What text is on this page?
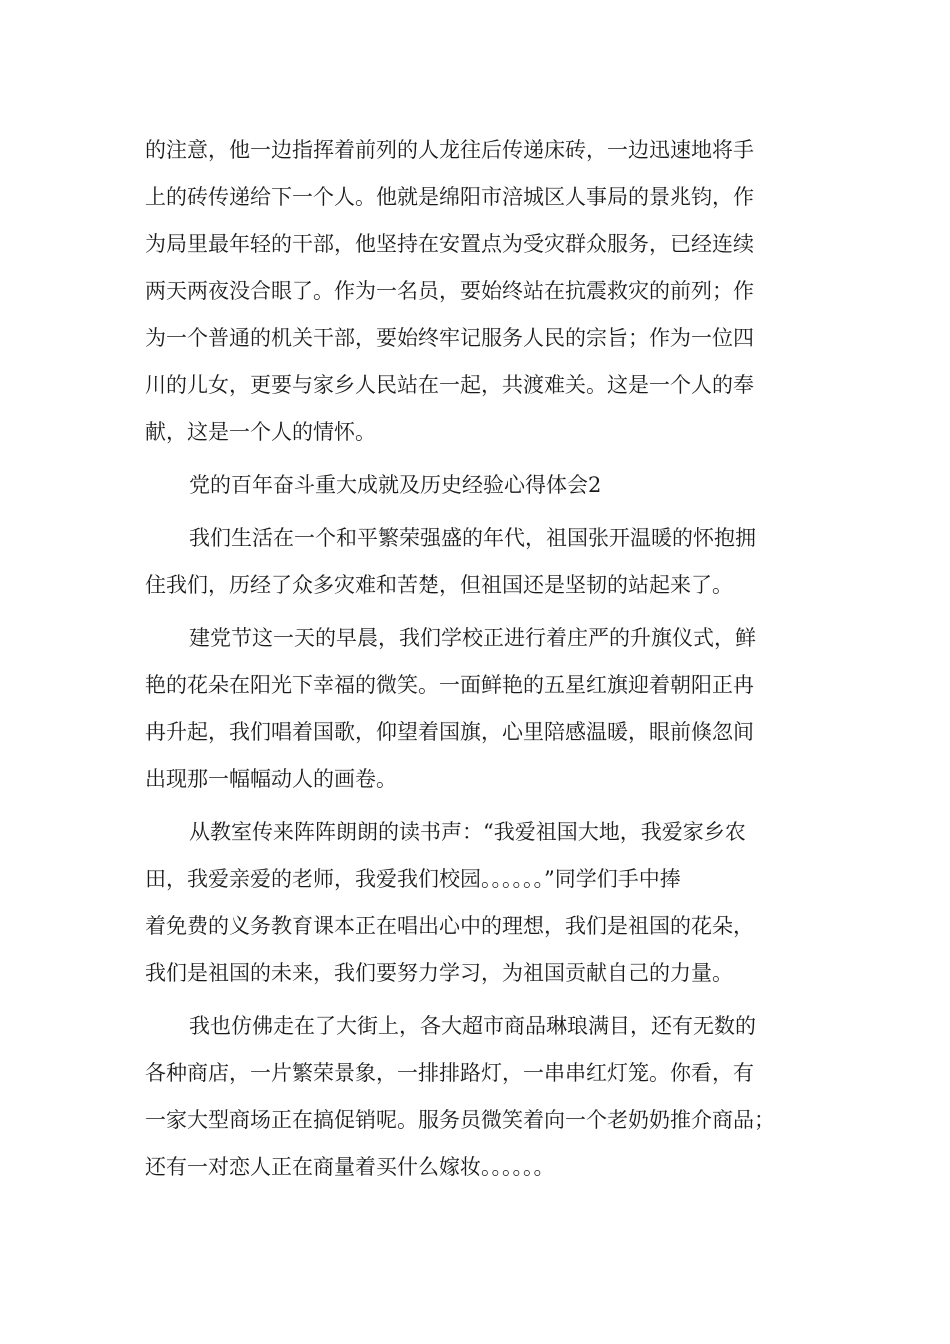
的注意，他一边指挥着前列的人龙往后传递床砖，一边迅速地将手
上的砖传递给下一个人。他就是绵阳市涪城区人事局的景兆钧，作
为局里最年轻的干部，他坚持在安置点为受灾群众服务，已经连续
两天两夜没合眼了。作为一名员，要始终站在抗震救灾的前列；作
为一个普通的机关干部，要始终牢记服务人民的宗旨；作为一位四
川的儿女，更要与家乡人民站在一起，共渡难关。这是一个人的奉
献，这是一个人的情怀。
党的百年奋斗重大成就及历史经验心得体会2
我们生活在一个和平繁荣强盛的年代，祖国张开温暖的怀抱拥
住我们，历经了众多灾难和苦楚，但祖国还是坚韧的站起来了。
建党节这一天的早晨，我们学校正进行着庄严的升旗仪式，鲜
艳的花朵在阳光下幸福的微笑。一面鲜艳的五星红旗迎着朝阳正冉
冉升起，我们唱着国歌，仰望着国旗，心里陪感温暖，眼前倏忽间
出现那一幅幅动人的画卷。
从教室传来阵阵朗朗的读书声：“我爱祖国大地，我爱家乡农
田，我爱亲爱的老师，我爱我们校园。。。。。。”同学们手中捧
着免费的义务教育课本正在唱出心中的理想，我们是祖国的花朵，
我们是祖国的未来，我们要努力学习，为祖国贡献自己的力量。
我也仿佛走在了大街上，各大超市商品琳琅满目，还有无数的
各种商店，一片繁荣景象，一排排路灯，一串串红灯笼。你看，有
一家大型商场正在搞促销呢。服务员微笑着向一个老奶奶推介商品；
还有一对恋人正在商量着买什么嫁妆。。。。。。
